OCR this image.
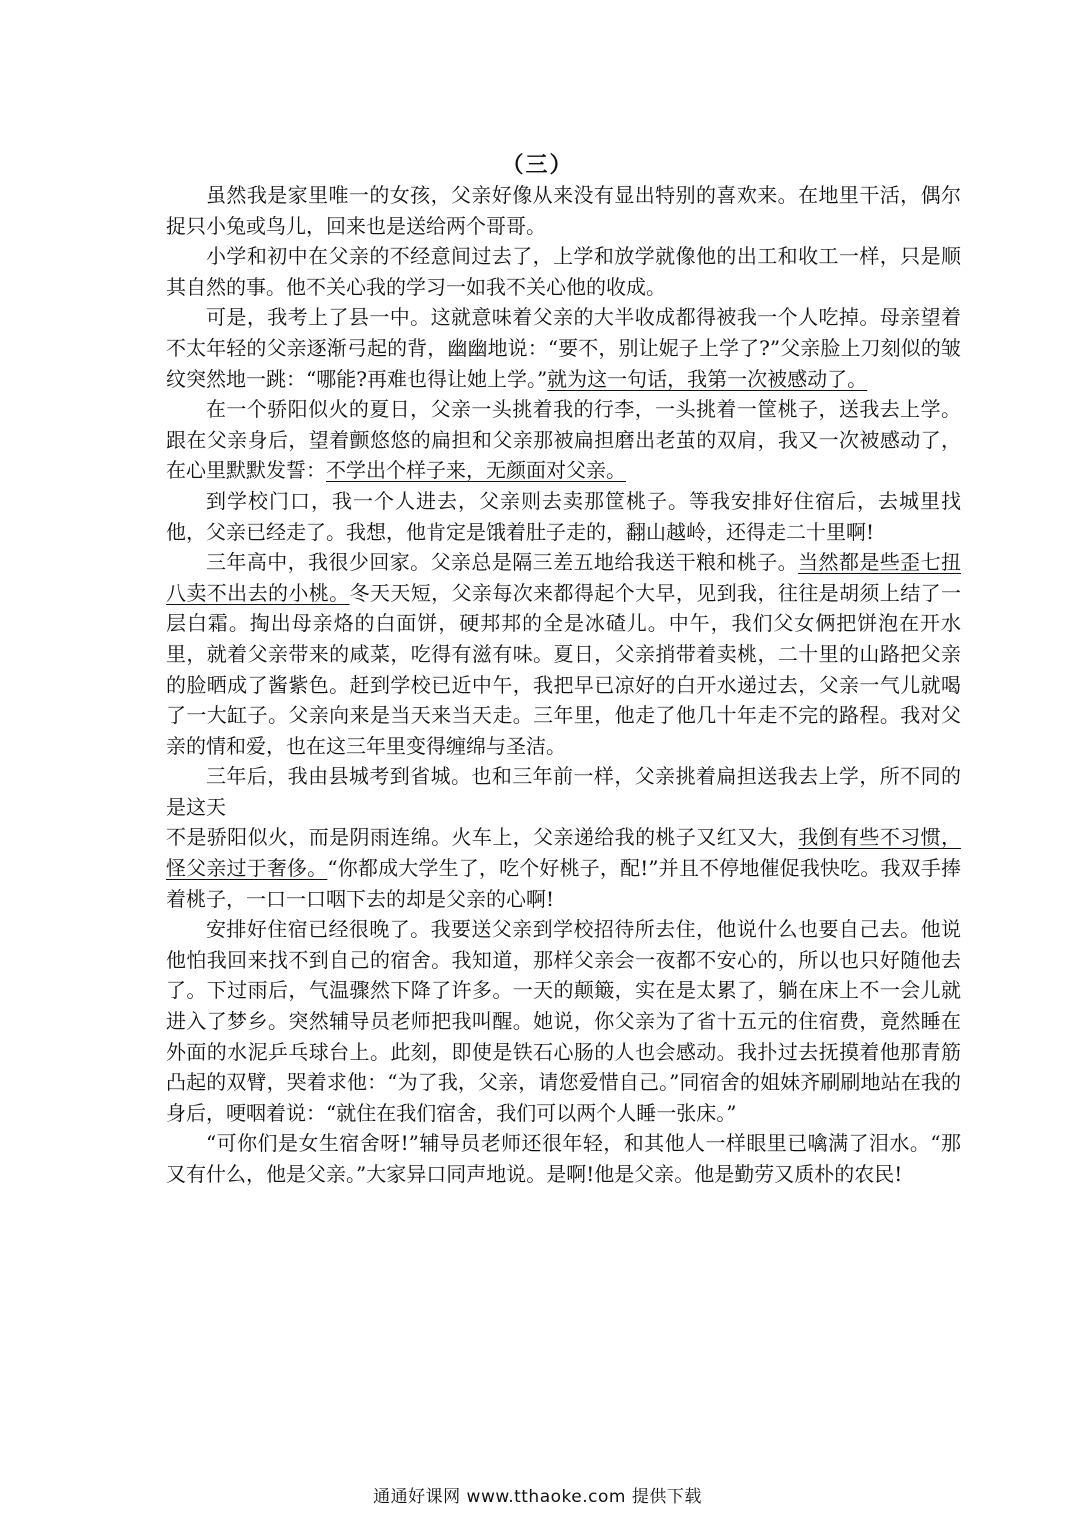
（三）

虽然我是家里唯一的女孩，父亲好像从来没有显出特别的喜欢来。在地里干活，偶尔捉只小兔或鸟儿，回来也是送给两个哥哥。

小学和初中在父亲的不经意间过去了，上学和放学就像他的出工和收工一样，只是顺其自然的事。他不关心我的学习一如我不关心他的收成。

可是，我考上了县一中。这就意味着父亲的大半收成都得被我一个人吃掉。母亲望着不太年轻的父亲逐渐弓起的背，幽幽地说：“要不，别让妮子上学了?”父亲脸上刀刻似的皱纹突然地一跳：“哪能?再难也得让她上学。”就为这一句话，我第一次被感动了。

在一个骄阳似火的夏日，父亲一头挑着我的行李，一头挑着一筐桃子，送我去上学。跟在父亲身后，望着颤悠悠的扁担和父亲那被扁担磨出老茧的双肩，我又一次被感动了，在心里默默发誓：不学出个样子来，无颜面对父亲。

到学校门口，我一个人进去，父亲则去卖那筐桃子。等我安排好住宿后，去城里找他，父亲已经走了。我想，他肯定是饿着肚子走的，翻山越岭，还得走二十里啊!

三年高中，我很少回家。父亲总是隔三差五地给我送干粮和桃子。当然都是些歪七扭八卖不出去的小桃。冬天天短，父亲每次来都得起个大早，见到我，往往是胡须上结了一层白霜。掏出母亲烙的白面饼，硬邦邦的全是冰碴儿。中午，我们父女俩把饼泡在开水里，就着父亲带来的咸菜，吃得有滋有味。夏日，父亲捎带着卖桃，二十里的山路把父亲的脸晒成了酱紫色。赶到学校已近中午，我把早已凉好的白开水递过去，父亲一气儿就喝了一大缸子。父亲向来是当天来当天走。三年里，他走了他几十年走不完的路程。我对父亲的情和爱，也在这三年里变得缠绵与圣洁。

三年后，我由县城考到省城。也和三年前一样，父亲挑着扁担送我去上学，所不同的是这天

不是骄阳似火，而是阴雨连绵。火车上，父亲递给我的桃子又红又大，我倒有些不习惯，怪父亲过于奢侈。“你都成大学生了，吃个好桃子，配!”并且不停地催促我快吃。我双手捧着桃子，一口一口咽下去的却是父亲的心啊!

安排好住宿已经很晚了。我要送父亲到学校招待所去住，他说什么也要自己去。他说他怕我回来找不到自己的宿舍。我知道，那样父亲会一夜都不安心的，所以也只好随他去了。下过雨后，气温骤然下降了许多。一天的颠簸，实在是太累了，躺在床上不一会儿就进入了梦乡。突然辅导员老师把我叫醒。她说，你父亲为了省十五元的住宿费，竟然睡在外面的水泥乒乓球台上。此刻，即使是铁石心肠的人也会感动。我扑过去抚摸着他那青筋凸起的双臂，哭着求他：“为了我，父亲，请您爱惜自己。”同宿舍的姐妹齐刷刷地站在我的身后，哽咽着说：“就住在我们宿舍，我们可以两个人睡一张床。”

“可你们是女生宿舍呀!”辅导员老师还很年轻，和其他人一样眼里已噙满了泪水。“那又有什么，他是父亲。”大家异口同声地说。是啊!他是父亲。他是勤劳又质朴的农民!

通通好课网 www.tthaoke.com 提供下载
